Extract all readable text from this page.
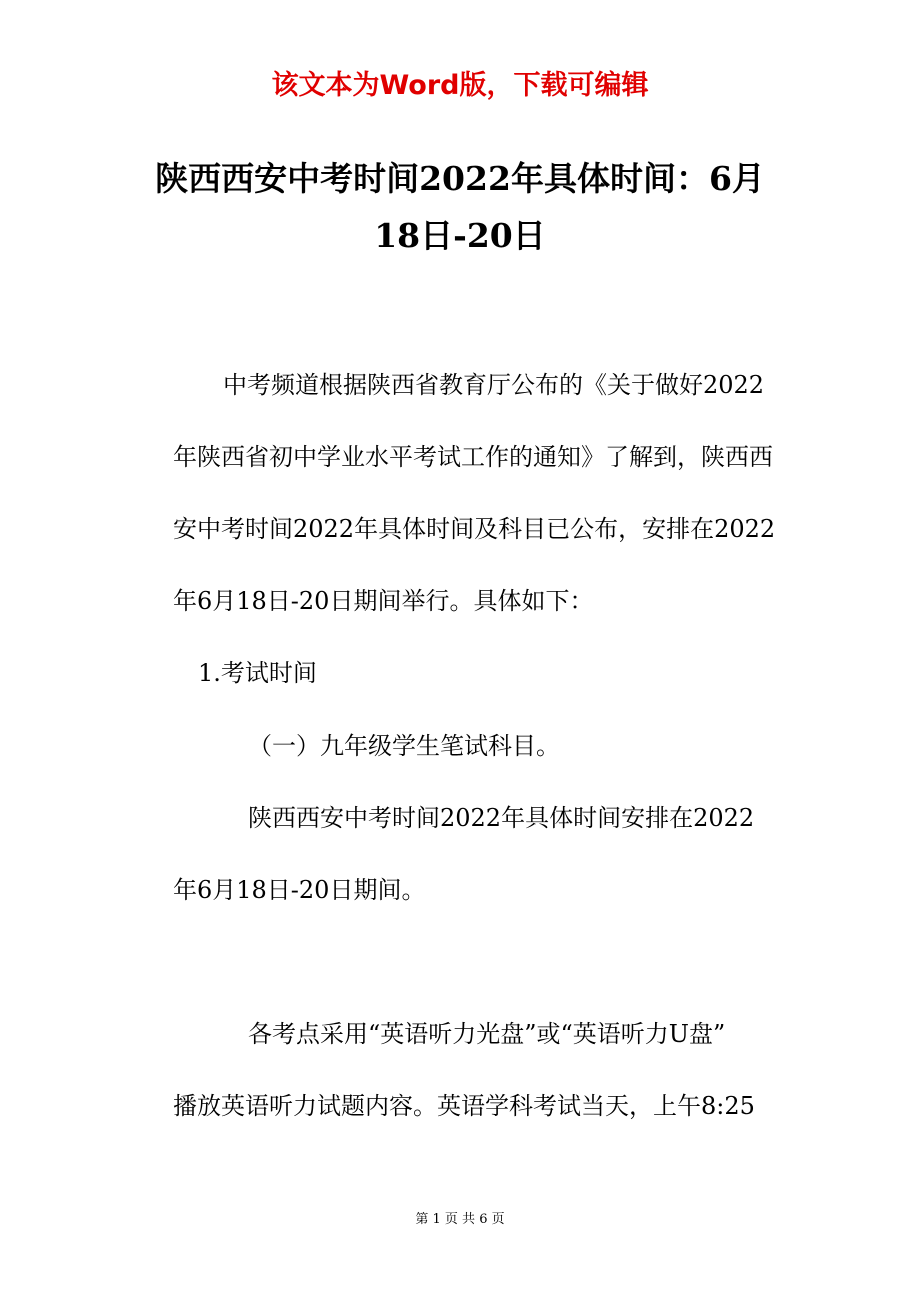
该文本为Word版，下载可编辑
陕西西安中考时间2022年具体时间：6月
18日-20日
中考频道根据陕西省教育厅公布的《关于做好2022
年陕西省初中学业水平考试工作的通知》了解到，陕西西
安中考时间2022年具体时间及科目已公布，安排在2022
年6月18日-20日期间举行。具体如下：
1.考试时间
（一）九年级学生笔试科目。
陕西西安中考时间2022年具体时间安排在2022
年6月18日-20日期间。
各考点采用“英语听力光盘”或“英语听力U盘”
播放英语听力试题内容。英语学科考试当天，上午8:25
第 1 页 共 6 页
